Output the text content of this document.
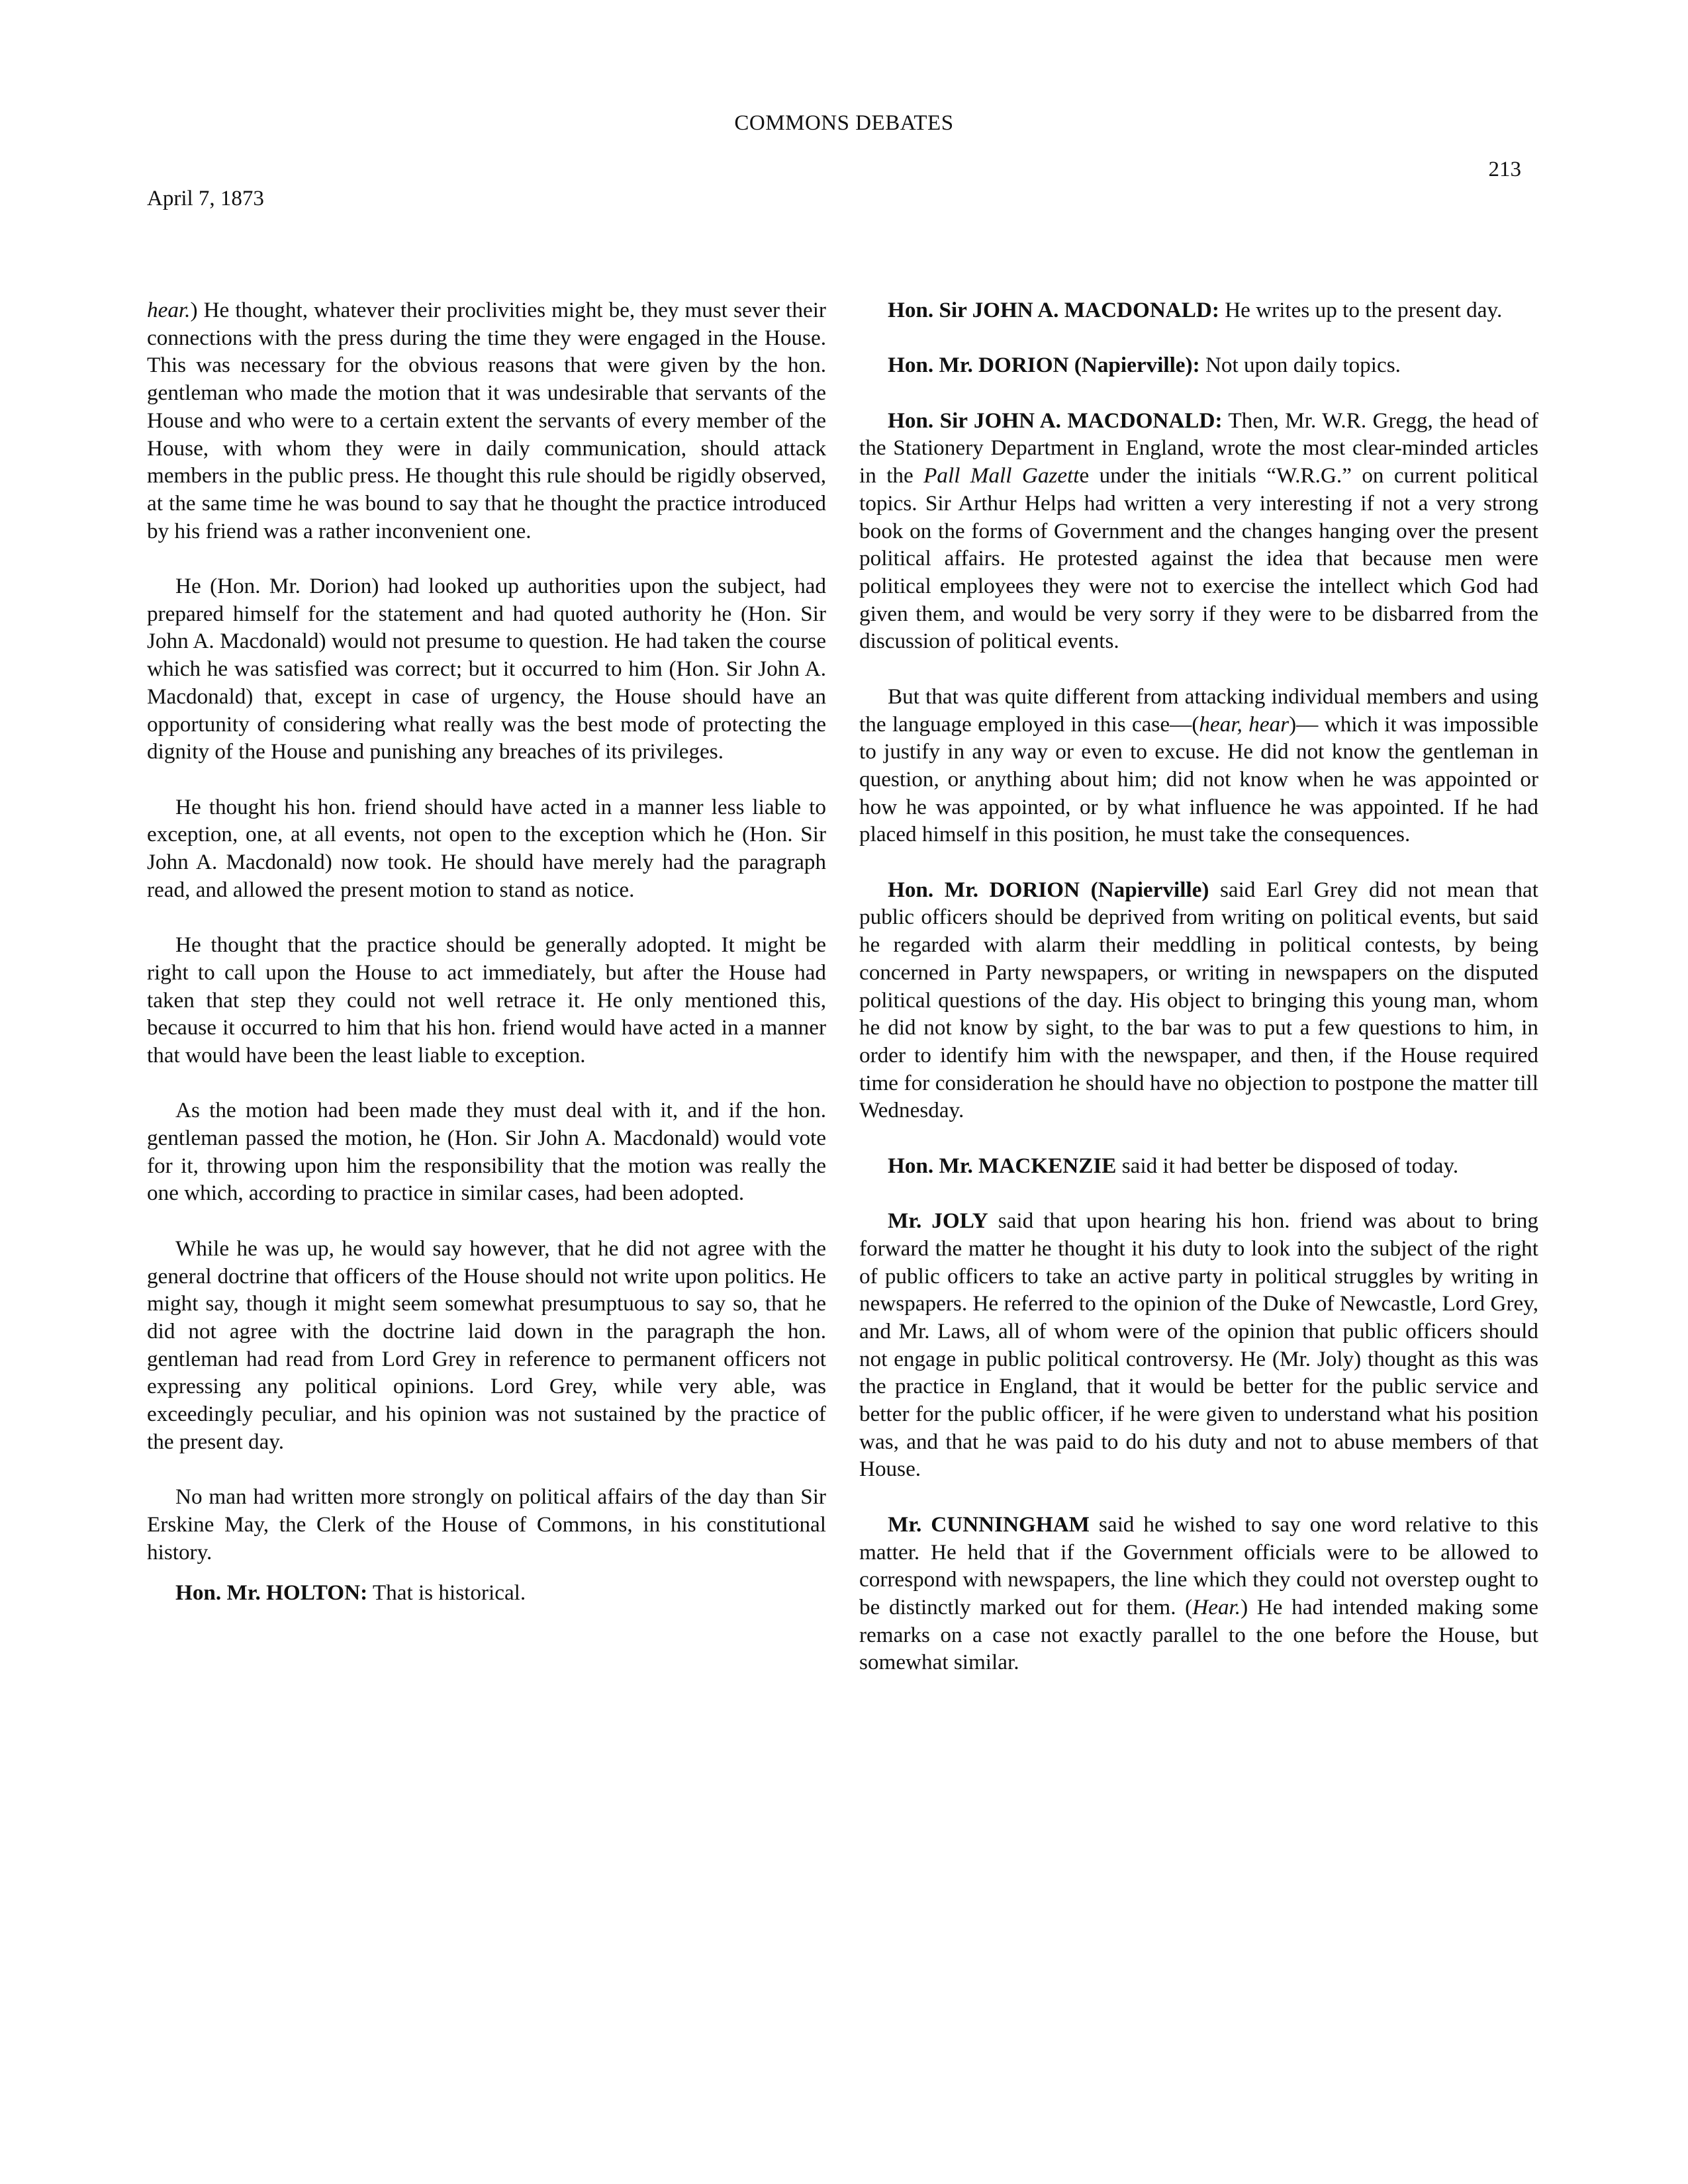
COMMONS DEBATES
213
April 7, 1873

hear.) He thought, whatever their proclivities might be, they must sever their connections with the press during the time they were engaged in the House. This was necessary for the obvious reasons that were given by the hon. gentleman who made the motion that it was undesirable that servants of the House and who were to a certain extent the servants of every member of the House, with whom they were in daily communication, should attack members in the public press. He thought this rule should be rigidly observed, at the same time he was bound to say that he thought the practice introduced by his friend was a rather inconvenient one.

He (Hon. Mr. Dorion) had looked up authorities upon the subject, had prepared himself for the statement and had quoted authority he (Hon. Sir John A. Macdonald) would not presume to question. He had taken the course which he was satisfied was correct; but it occurred to him (Hon. Sir John A. Macdonald) that, except in case of urgency, the House should have an opportunity of considering what really was the best mode of protecting the dignity of the House and punishing any breaches of its privileges.

He thought his hon. friend should have acted in a manner less liable to exception, one, at all events, not open to the exception which he (Hon. Sir John A. Macdonald) now took. He should have merely had the paragraph read, and allowed the present motion to stand as notice.

He thought that the practice should be generally adopted. It might be right to call upon the House to act immediately, but after the House had taken that step they could not well retrace it. He only mentioned this, because it occurred to him that his hon. friend would have acted in a manner that would have been the least liable to exception.

As the motion had been made they must deal with it, and if the hon. gentleman passed the motion, he (Hon. Sir John A. Macdonald) would vote for it, throwing upon him the responsibility that the motion was really the one which, according to practice in similar cases, had been adopted.

While he was up, he would say however, that he did not agree with the general doctrine that officers of the House should not write upon politics. He might say, though it might seem somewhat presumptuous to say so, that he did not agree with the doctrine laid down in the paragraph the hon. gentleman had read from Lord Grey in reference to permanent officers not expressing any political opinions. Lord Grey, while very able, was exceedingly peculiar, and his opinion was not sustained by the practice of the present day.

No man had written more strongly on political affairs of the day than Sir Erskine May, the Clerk of the House of Commons, in his constitutional history.

Hon. Mr. HOLTON: That is historical.

Hon. Sir JOHN A. MACDONALD: He writes up to the present day.

Hon. Mr. DORION (Napierville): Not upon daily topics.

Hon. Sir JOHN A. MACDONALD: Then, Mr. W.R. Gregg, the head of the Stationery Department in England, wrote the most clear-minded articles in the Pall Mall Gazette under the initials “W.R.G.” on current political topics. Sir Arthur Helps had written a very interesting if not a very strong book on the forms of Government and the changes hanging over the present political affairs. He protested against the idea that because men were political employees they were not to exercise the intellect which God had given them, and would be very sorry if they were to be disbarred from the discussion of political events.

But that was quite different from attacking individual members and using the language employed in this case—(hear, hear)— which it was impossible to justify in any way or even to excuse. He did not know the gentleman in question, or anything about him; did not know when he was appointed or how he was appointed, or by what influence he was appointed. If he had placed himself in this position, he must take the consequences.

Hon. Mr. DORION (Napierville) said Earl Grey did not mean that public officers should be deprived from writing on political events, but said he regarded with alarm their meddling in political contests, by being concerned in Party newspapers, or writing in newspapers on the disputed political questions of the day. His object to bringing this young man, whom he did not know by sight, to the bar was to put a few questions to him, in order to identify him with the newspaper, and then, if the House required time for consideration he should have no objection to postpone the matter till Wednesday.

Hon. Mr. MACKENZIE said it had better be disposed of today.

Mr. JOLY said that upon hearing his hon. friend was about to bring forward the matter he thought it his duty to look into the subject of the right of public officers to take an active party in political struggles by writing in newspapers. He referred to the opinion of the Duke of Newcastle, Lord Grey, and Mr. Laws, all of whom were of the opinion that public officers should not engage in public political controversy. He (Mr. Joly) thought as this was the practice in England, that it would be better for the public service and better for the public officer, if he were given to understand what his position was, and that he was paid to do his duty and not to abuse members of that House.

Mr. CUNNINGHAM said he wished to say one word relative to this matter. He held that if the Government officials were to be allowed to correspond with newspapers, the line which they could not overstep ought to be distinctly marked out for them. (Hear.) He had intended making some remarks on a case not exactly parallel to the one before the House, but somewhat similar.
